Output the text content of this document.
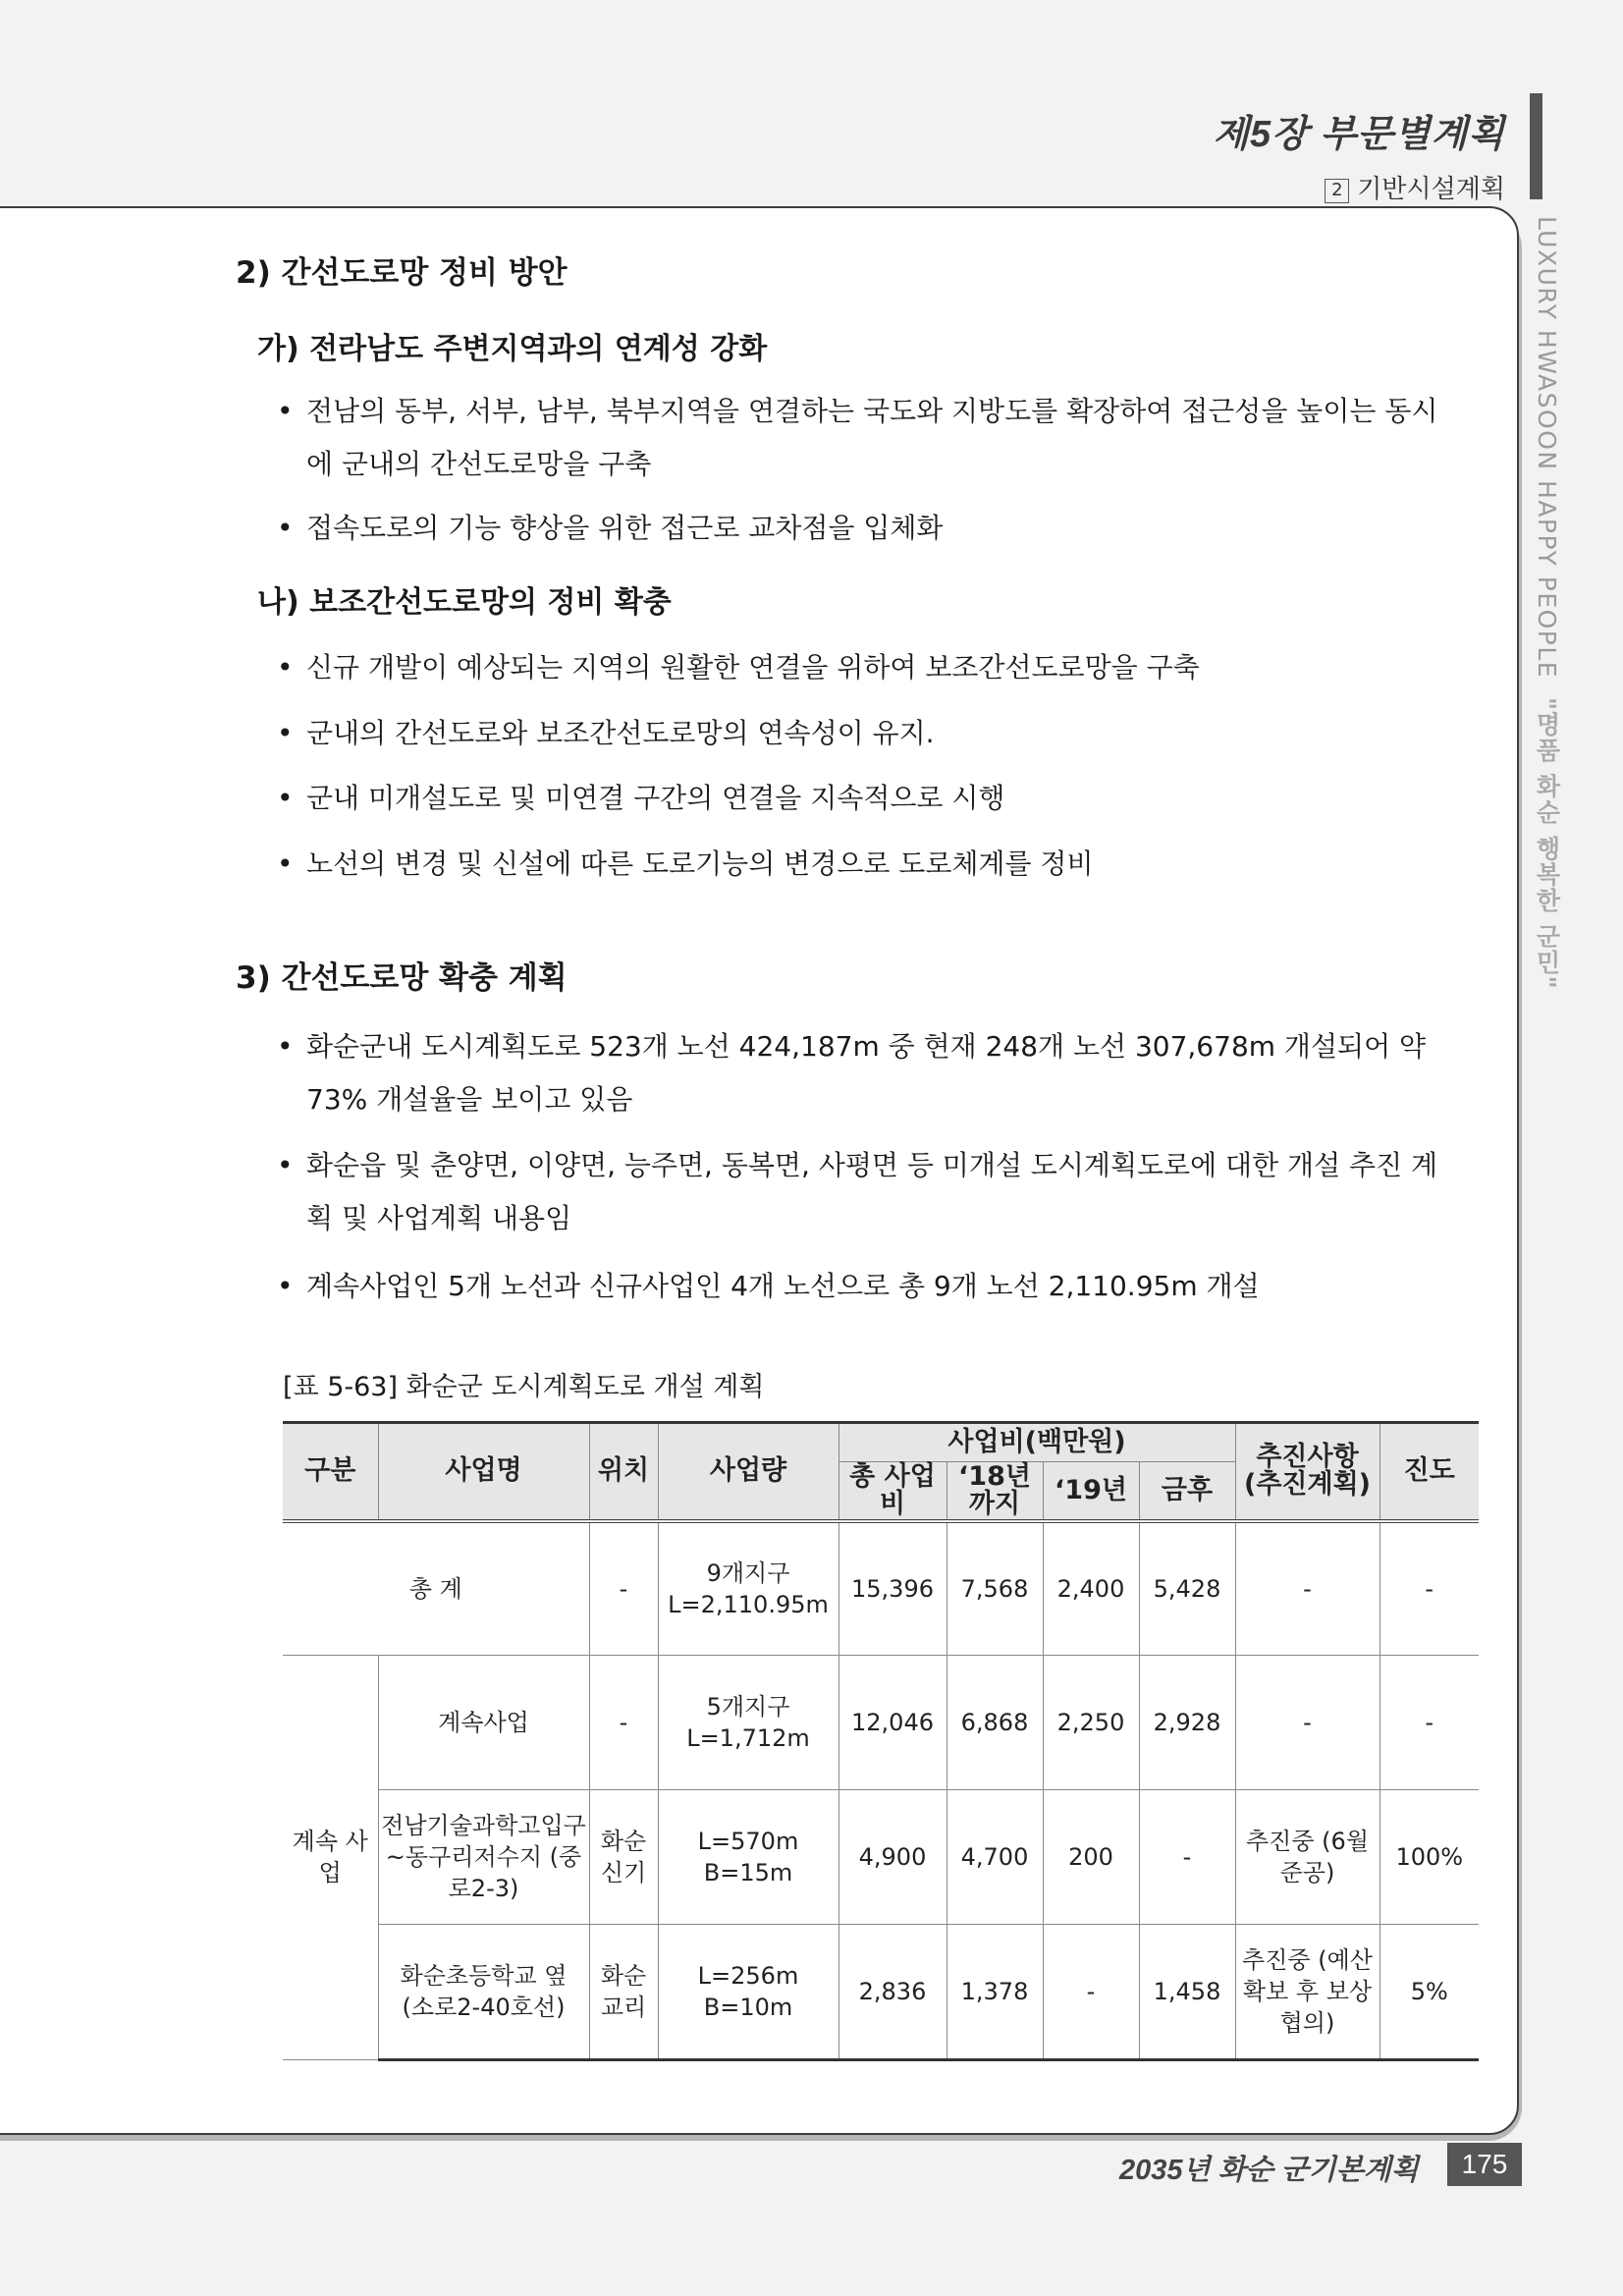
제5장 부문별계획
2 기반시설계획
LUXURY HWASOON HAPPY PEOPLE  "명품 화순 행복한 군민"
2) 간선도로망 정비 방안
가) 전라남도 주변지역과의 연계성 강화
• 전남의 동부, 서부, 남부, 북부지역을 연결하는 국도와 지방도를 확장하여 접근성을 높이는 동시에 군내의 간선도로망을 구축
• 접속도로의 기능 향상을 위한 접근로 교차점을 입체화
나) 보조간선도로망의 정비 확충
• 신규 개발이 예상되는 지역의 원활한 연결을 위하여 보조간선도로망을 구축
• 군내의 간선도로와 보조간선도로망의 연속성이 유지.
• 군내 미개설도로 및 미연결 구간의 연결을 지속적으로 시행
• 노선의 변경 및 신설에 따른 도로기능의 변경으로 도로체계를 정비
3) 간선도로망 확충 계획
• 화순군내 도시계획도로 523개 노선 424,187m 중 현재 248개 노선 307,678m 개설되어 약 73% 개설율을 보이고 있음
• 화순읍 및 춘양면, 이양면, 능주면, 동복면, 사평면 등 미개설 도시계획도로에 대한 개설 추진 계획 및 사업계획 내용임
• 계속사업인 5개 노선과 신규사업인 4개 노선으로 총 9개 노선 2,110.95m 개설
[표 5-63] 화순군 도시계획도로 개설 계획
구분	사업명	위치	사업량	사업비(백만원)				추진사항 (추진계획)	진도
				총 사업비	‘18년 까지	‘19년	금후		
총 계		-	9개지구 L=2,110.95m	15,396	7,568	2,400	5,428	-	-
계속 사업	계속사업	-	5개지구 L=1,712m	12,046	6,868	2,250	2,928	-	-
	전남기술과학고입구~동구리저수지 (중로2-3)	화순 신기	L=570m B=15m	4,900	4,700	200	-	추진중 (6월 준공)	100%
	화순초등학교 옆 (소로2-40호선)	화순 교리	L=256m B=10m	2,836	1,378	-	1,458	추진중 (예산확보 후 보상협의)	5%
2035년 화순 군기본계획	175
